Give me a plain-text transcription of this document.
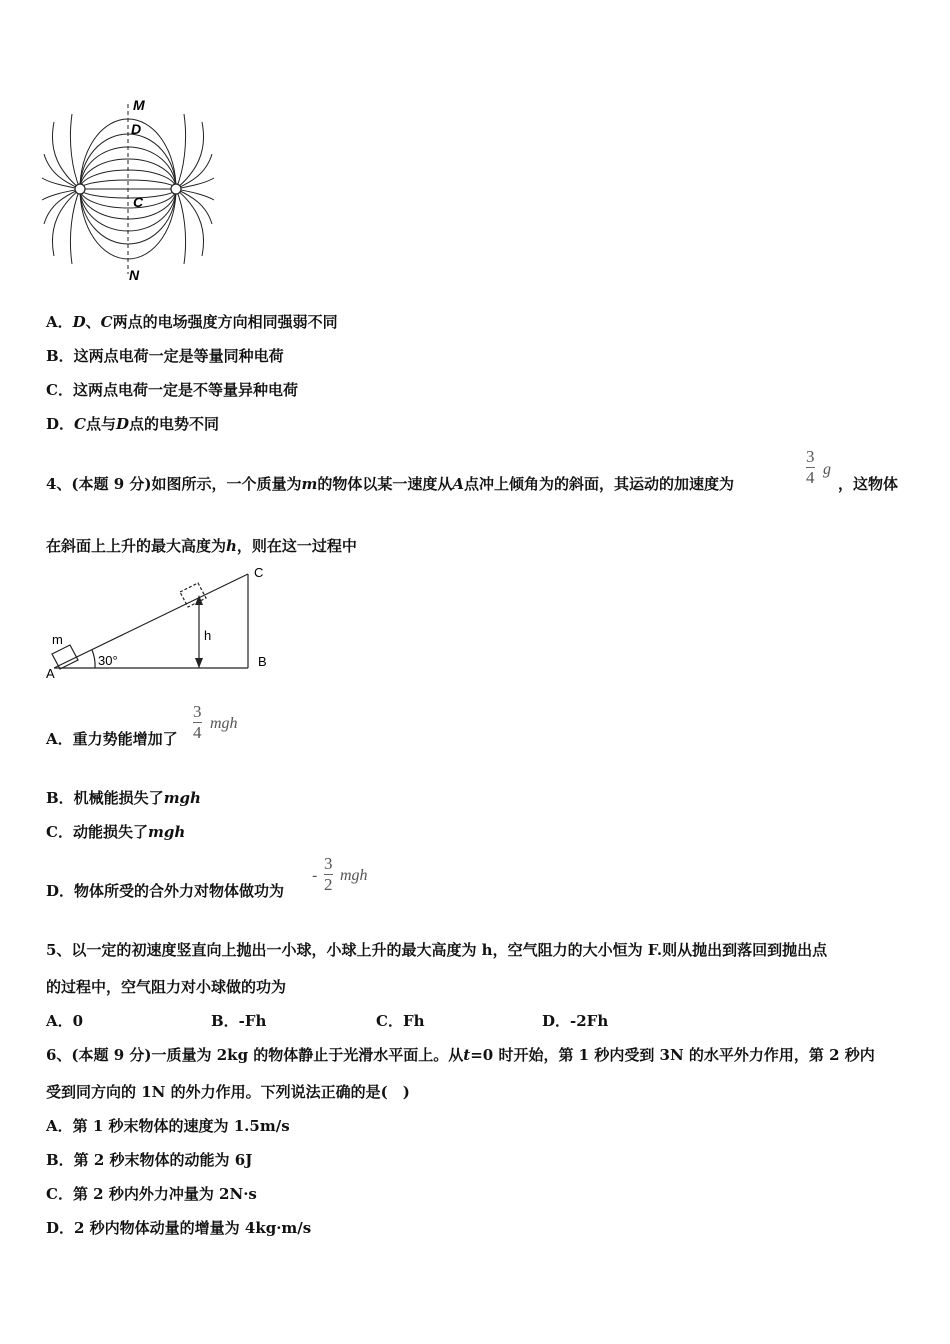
M
D
C
N
A．D、C两点的电场强度方向相同强弱不同
B．这两点电荷一定是等量同种电荷
C．这两点电荷一定是不等量异种电荷
D．C点与D点的电势不同
4、(本题 9 分)如图所示，一个质量为m的物体以某一速度从A点冲上倾角为的斜面，其运动的加速度为
3
4 g
，这物体
在斜面上上升的最大高度为h，则在这一过程中
m
A
B
C
h
30°
A．重力势能增加了
3
4 mgh
B．机械能损失了mgh
C．动能损失了mgh
D．物体所受的合外力对物体做功为
-
3
2 mgh
5、以一定的初速度竖直向上抛出一小球，小球上升的最大高度为 h，空气阻力的大小恒为 F.则从抛出到落回到抛出点
的过程中，空气阻力对小球做的功为
A．0	B．-Fh	C．Fh	D．-2Fh
6、(本题 9 分)一质量为 2kg 的物体静止于光滑水平面上。从t=0 时开始，第 1 秒内受到 3N 的水平外力作用，第 2 秒内
受到同方向的 1N 的外力作用。下列说法正确的是(　)
A．第 1 秒末物体的速度为 1.5m/s
B．第 2 秒末物体的动能为 6J
C．第 2 秒内外力冲量为 2N·s
D．2 秒内物体动量的增量为 4kg·m/s
